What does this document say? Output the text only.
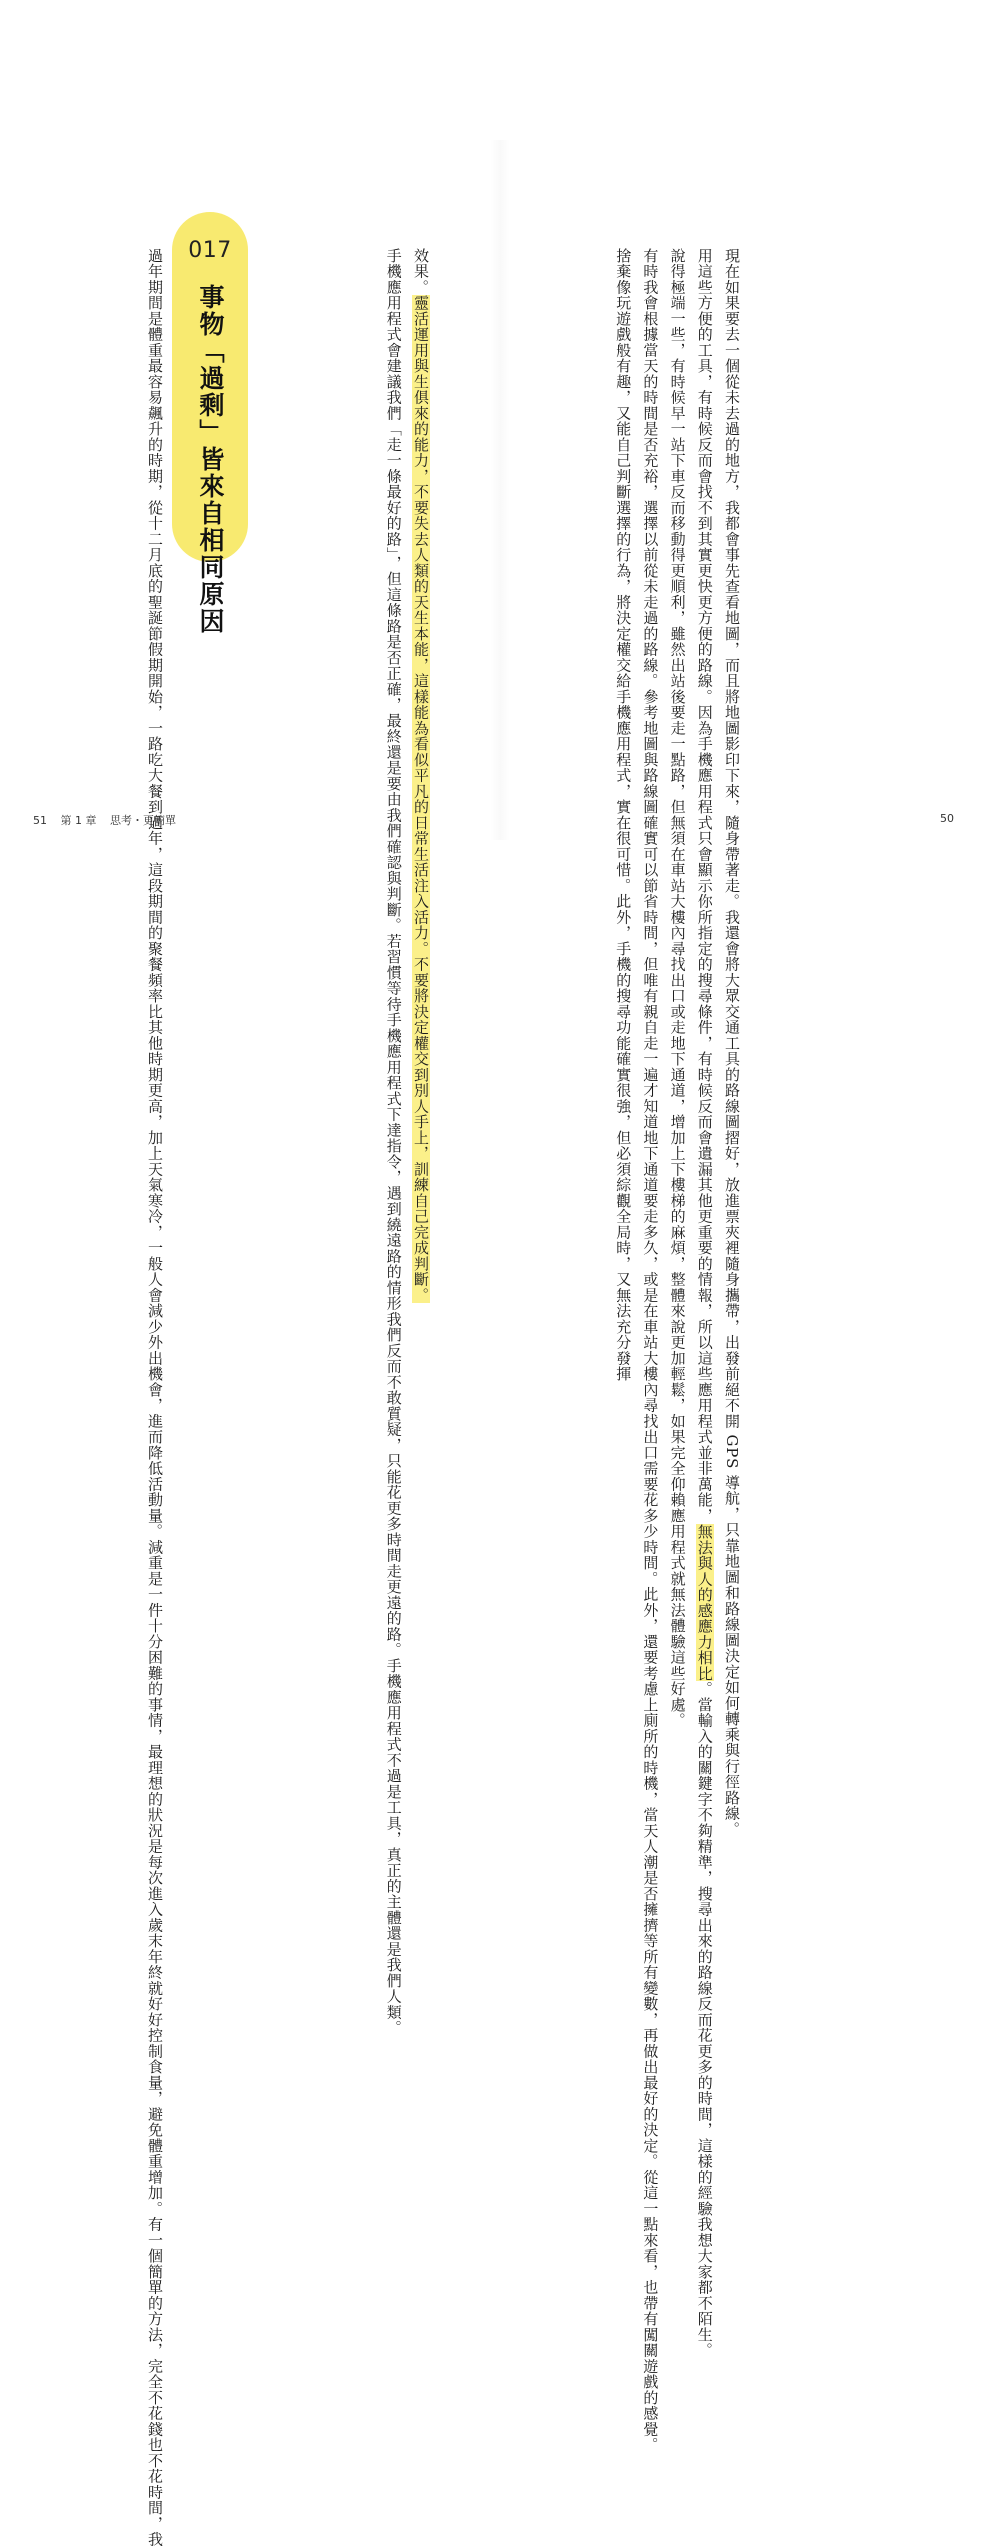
　現在如果要去一個從未去過的地方，我都會事先查看地圖，而且將地圖影印下來，隨身帶著走。我還會將大眾交通工具的路線圖摺好，放進票夾裡隨身攜帶，出發前絕不開 GPS 導航，只靠地圖和路線圖決定如何轉乘與行徑路線。

　用這些方便的工具，有時候反而會找不到其實更快更方便的路線。因為手機應用程式只會顯示你所指定的搜尋條件，有時候反而會遺漏其他更重要的情報，所以這些應用程式並非萬能，無法與人的感應力相比。當輸入的關鍵字不夠精準，搜尋出來的路線反而花更多的時間，這樣的經驗我想大家都不陌生。

　說得極端一些，有時候早一站下車反而移動得更順利，雖然出站後要走一點路，但無須在車站大樓內尋找出口或走地下通道，增加上下樓梯的麻煩，整體來說更加輕鬆，如果完全仰賴應用程式就無法體驗這些好處。

　有時我會根據當天的時間是否充裕，選擇以前從未走過的路線。參考地圖與路線圖確實可以節省時間，但唯有親自走一遍才知道地下通道要走多久，或是在車站大樓內尋找出口需要花多少時間。此外，還要考慮上廁所的時機，當天人潮是否擁擠等所有變數，再做出最好的決定。從這一點來看，也帶有闖關遊戲的感覺。

　捨棄像玩遊戲般有趣，又能自己判斷選擇的行為，將決定權交給手機應用程式，實在很可惜。此外，手機的搜尋功能確實很強，但必須綜觀全局時，又無法充分發揮

　效果。靈活運用與生俱來的能力，不要失去人類的天生本能，這樣能為看似平凡的日常生活注入活力。不要將決定權交到別人手上，訓練自己完成判斷。

　手機應用程式會建議我們「走一條最好的路」，但這條路是否正確，最終還是要由我們確認與判斷。若習慣等待手機應用程式下達指令，遇到繞遠路的情形我們反而不敢質疑，只能花更多時間走更遠的路。手機應用程式不過是工具，真正的主體還是我們人類。

017
事物「過剩」皆來自相同原因

　過年期間是體重最容易飆升的時期，從十二月底的聖誕節假期開始，一路吃大餐到過年，這段期間的聚餐頻率比其他時期更高，加上天氣寒冷，一般人會減少外出機會，進而降低活動量。減重是一件十分困難的事情，最理想的狀況是每次進入歲末年終就好好控制食量，避免體重增加。有一個簡單的方法，完全不花錢也不花時間，我

51 第 1 章 思考・更簡單	50
